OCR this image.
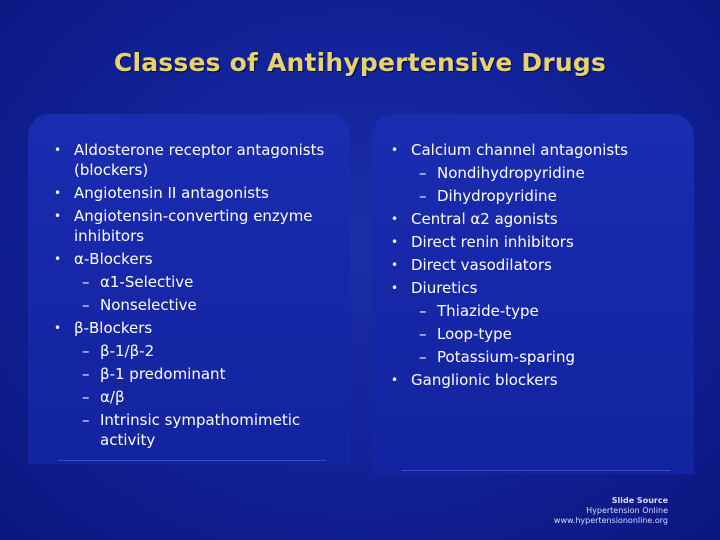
Classes of Antihypertensive Drugs
• Aldosterone receptor antagonists (blockers)
• Angiotensin II antagonists
• Angiotensin-converting enzyme inhibitors
• α-Blockers
– α1-Selective
– Nonselective
• β-Blockers
– β-1/β-2
– β-1 predominant
– α/β
– Intrinsic sympathomimetic activity
• Calcium channel antagonists
– Nondihydropyridine
– Dihydropyridine
• Central α2 agonists
• Direct renin inhibitors
• Direct vasodilators
• Diuretics
– Thiazide-type
– Loop-type
– Potassium-sparing
• Ganglionic blockers
Slide Source
Hypertension Online
www.hypertensiononline.org
